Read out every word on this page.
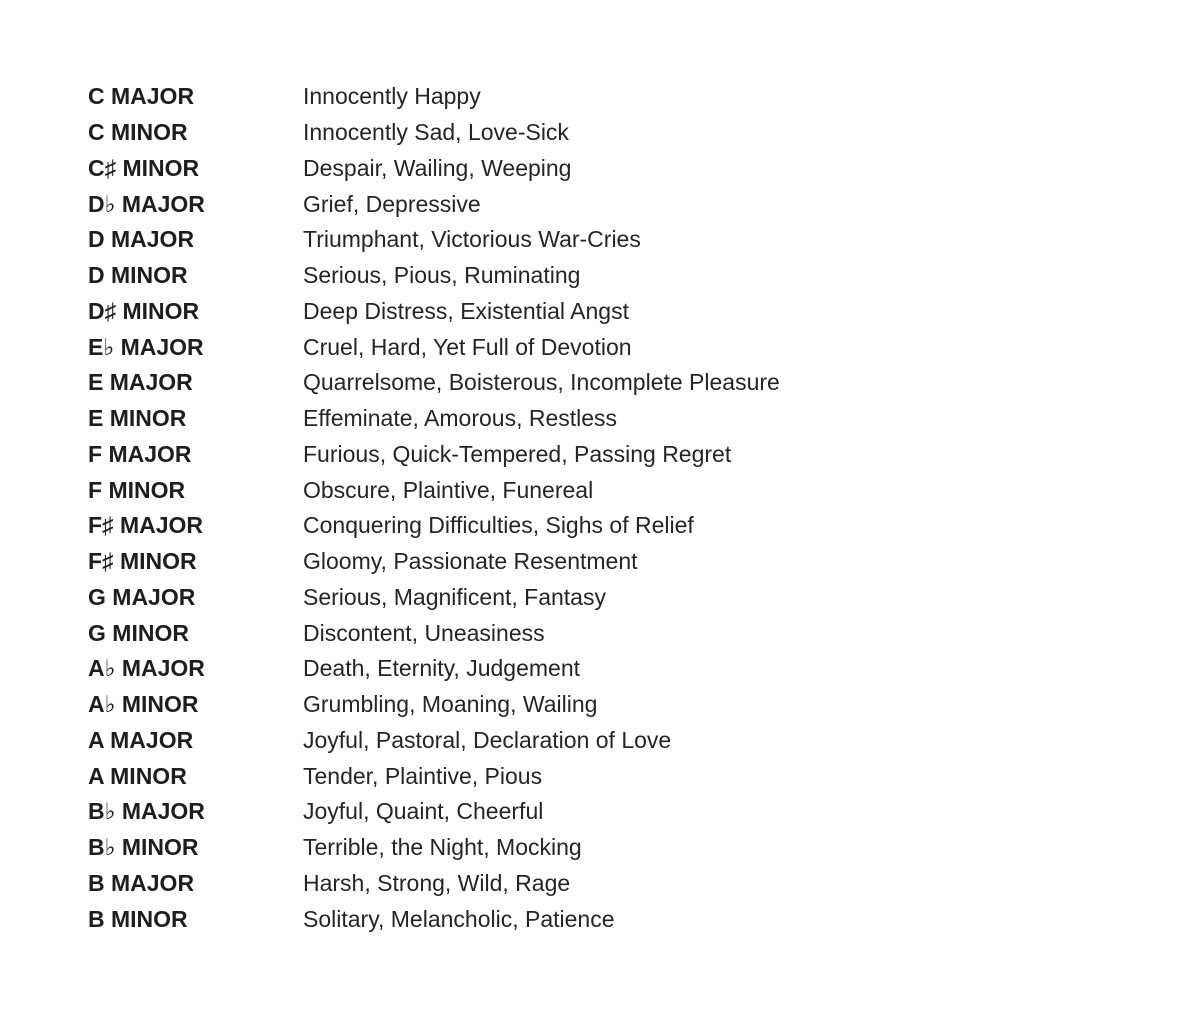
C MAJOR	Innocently Happy
C MINOR	Innocently Sad, Love-Sick
C♯ MINOR	Despair, Wailing, Weeping
D♭ MAJOR	Grief, Depressive
D MAJOR	Triumphant, Victorious War-Cries
D MINOR	Serious, Pious, Ruminating
D♯ MINOR	Deep Distress, Existential Angst
E♭ MAJOR	Cruel, Hard, Yet Full of Devotion
E MAJOR	Quarrelsome, Boisterous, Incomplete Pleasure
E MINOR	Effeminate, Amorous, Restless
F MAJOR	Furious, Quick-Tempered, Passing Regret
F MINOR	Obscure, Plaintive, Funereal
F♯ MAJOR	Conquering Difficulties, Sighs of Relief
F♯ MINOR	Gloomy, Passionate Resentment
G MAJOR	Serious, Magnificent, Fantasy
G MINOR	Discontent, Uneasiness
A♭ MAJOR	Death, Eternity, Judgement
A♭ MINOR	Grumbling, Moaning, Wailing
A MAJOR	Joyful, Pastoral, Declaration of Love
A MINOR	Tender, Plaintive, Pious
B♭ MAJOR	Joyful, Quaint, Cheerful
B♭ MINOR	Terrible, the Night, Mocking
B MAJOR	Harsh, Strong, Wild, Rage
B MINOR	Solitary, Melancholic, Patience
